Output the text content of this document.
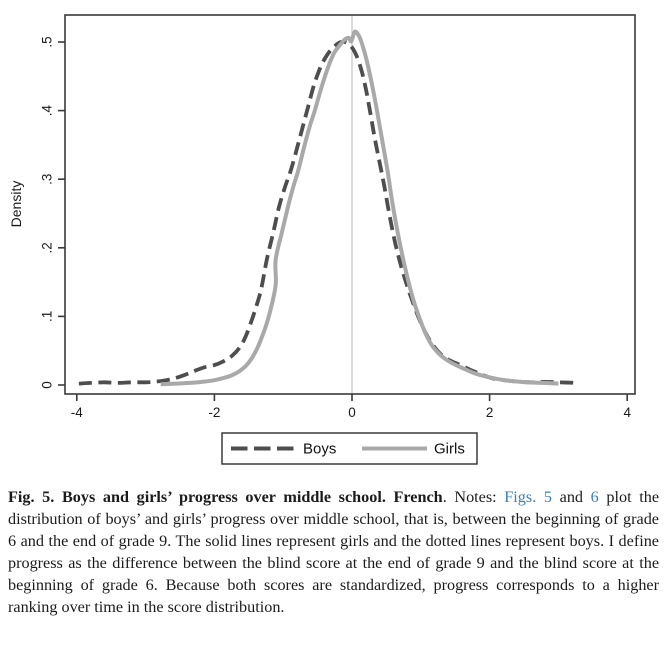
-4	-2	0	2	4
0
.1
.2
.3
.4
.5
Density
Boys	Girls
Fig. 5. Boys and girls’ progress over middle school. French. Notes: Figs. 5 and 6 plot the distribution of boys’ and girls’ progress over middle school, that is, between the beginning of grade 6 and the end of grade 9. The solid lines represent girls and the dotted lines represent boys. I define progress as the difference between the blind score at the end of grade 9 and the blind score at the beginning of grade 6. Because both scores are standardized, progress corresponds to a higher ranking over time in the score distribution.
